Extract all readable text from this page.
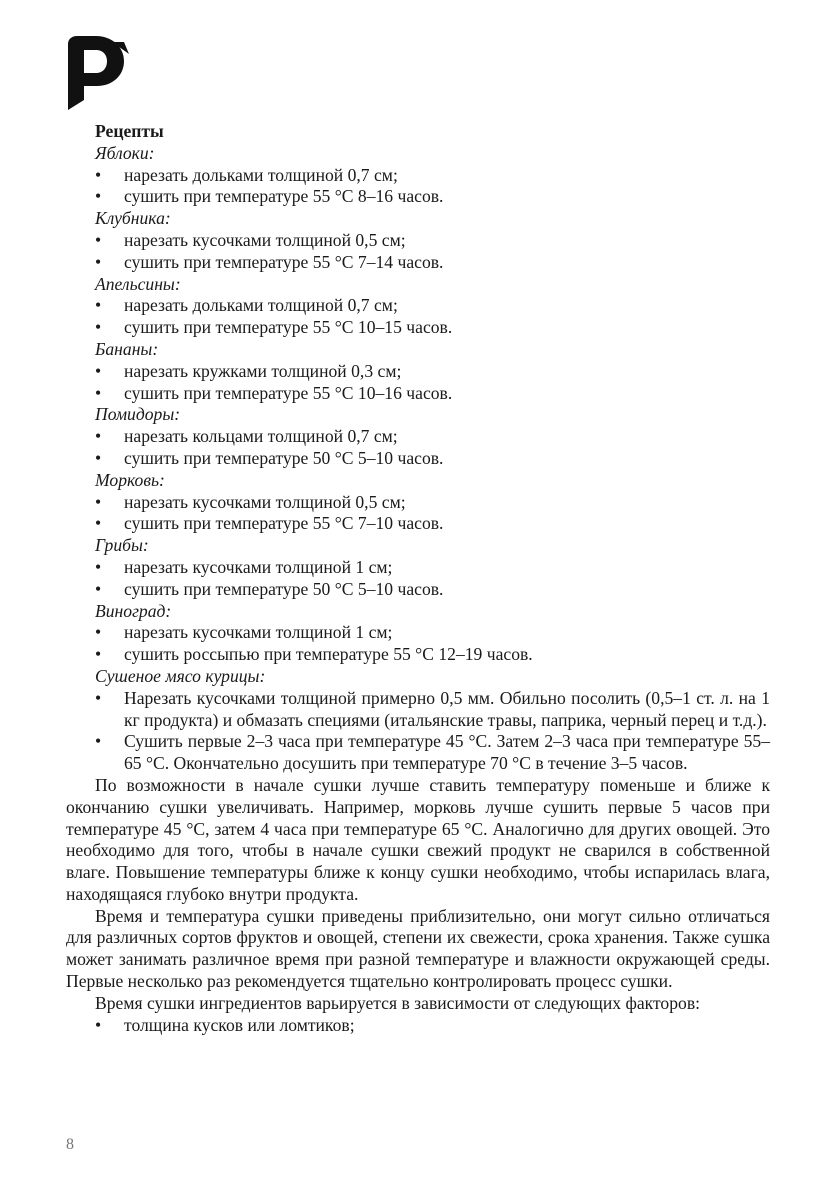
Рецепты
Яблоки:
• нарезать дольками толщиной 0,7 см;
• сушить при температуре 55 °С 8–16 часов.
Клубника:
• нарезать кусочками толщиной 0,5 см;
• сушить при температуре 55 °С 7–14 часов.
Апельсины:
• нарезать дольками толщиной 0,7 см;
• сушить при температуре 55 °С 10–15 часов.
Бананы:
• нарезать кружками толщиной 0,3 см;
• сушить при температуре 55 °С 10–16 часов.
Помидоры:
• нарезать кольцами толщиной 0,7 см;
• сушить при температуре 50 °С 5–10 часов.
Морковь:
• нарезать кусочками толщиной 0,5 см;
• сушить при температуре 55 °С 7–10 часов.
Грибы:
• нарезать кусочками толщиной 1 см;
• сушить при температуре 50 °С 5–10 часов.
Виноград:
• нарезать кусочками толщиной 1 см;
• сушить россыпью при температуре 55 °С 12–19 часов.
Сушеное мясо курицы:
• Нарезать кусочками толщиной примерно 0,5 мм. Обильно посолить (0,5–1 ст. л. на 1 кг продукта) и обмазать специями (итальянские травы, паприка, черный перец и т.д.).
• Сушить первые 2–3 часа при температуре 45 °С. Затем 2–3 часа при температуре 55–65 °С. Окончательно досушить при температуре 70 °С в течение 3–5 часов.
По возможности в начале сушки лучше ставить температуру поменьше и ближе к окончанию сушки увеличивать. Например, морковь лучше сушить первые 5 часов при температуре 45 °С, затем 4 часа при температуре 65 °С. Аналогично для других овощей. Это необходимо для того, чтобы в начале сушки свежий продукт не сварился в собственной влаге. Повышение температуры ближе к концу сушки необходимо, чтобы испарилась влага, находящаяся глубоко внутри продукта.
Время и температура сушки приведены приблизительно, они могут сильно отличаться для различных сортов фруктов и овощей, степени их свежести, срока хранения. Также сушка может занимать различное время при разной температуре и влажности окружающей среды. Первые несколько раз рекомендуется тщательно контролировать процесс сушки.
Время сушки ингредиентов варьируется в зависимости от следующих факторов:
• толщина кусков или ломтиков;
8
